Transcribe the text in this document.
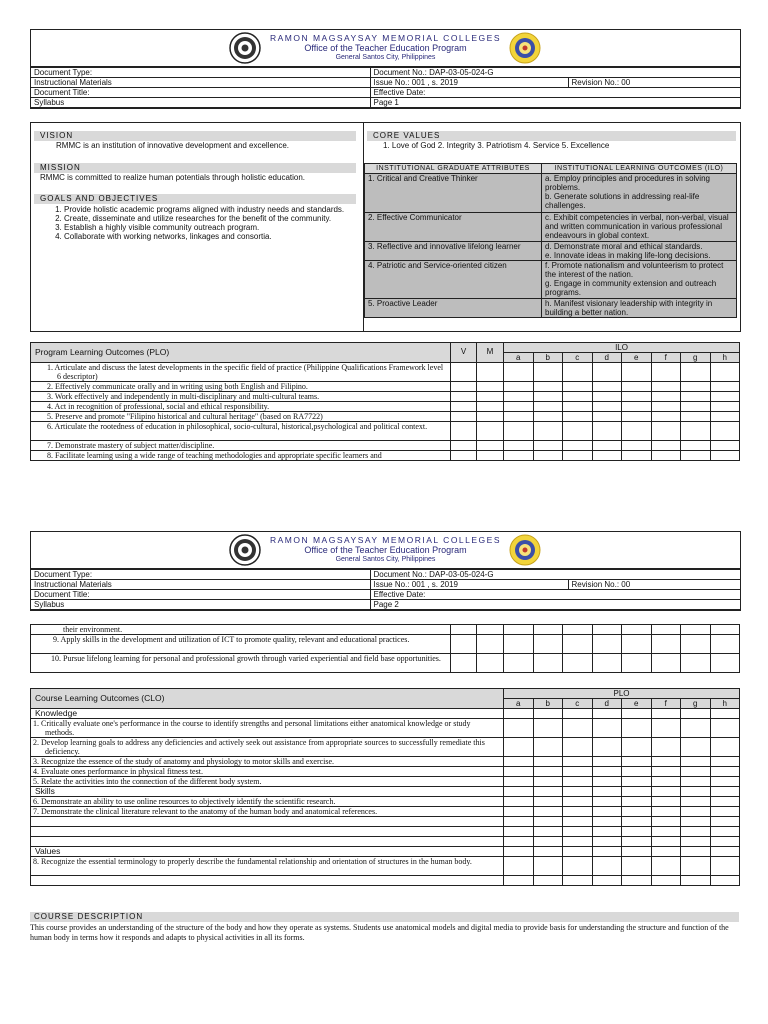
RAMON MAGSAYSAY MEMORIAL COLLEGES
Office of the Teacher Education Program
General Santos City, Philippines
Document Type:	Document No.: DAP-03-05-024-G	
Instructional Materials	Issue No.: 001 , s. 2019	Revision No.: 00
Document Title:	Effective Date:	
Syllabus	Page 1	
VISION
RMMC is an institution of innovative development and excellence.
MISSION
RMMC is committed to realize human potentials through holistic education.
GOALS AND OBJECTIVES
1. Provide holistic academic programs aligned with industry needs and standards.
2. Create, disseminate and utilize researches for the benefit of the community.
3. Establish a highly visible community outreach program.
4. Collaborate with working networks, linkages and consortia.
CORE VALUES
1. Love of God 2. Integrity 3. Patriotism 4. Service 5. Excellence
INSTITUTIONAL GRADUATE ATTRIBUTES	INSTITUTIONAL LEARNING OUTCOMES (ILO)
1. Critical and Creative Thinker	a. Employ principles and procedures in solving problems.
b. Generate solutions in addressing real-life challenges.
2. Effective Communicator	c. Exhibit competencies in verbal, non-verbal, visual and written communication in various professional endeavours in global context.
3. Reflective and innovative lifelong learner	d. Demonstrate moral and ethical standards.
e. Innovate ideas in making life-long decisions.
4. Patriotic and Service-oriented citizen	f. Promote nationalism and volunteerism to protect the interest of the nation.
g. Engage in community extension and outreach programs.
5. Proactive Leader	h. Manifest visionary leadership with integrity in building a better nation.
Program Learning Outcomes (PLO)	V	M	ILO							
			a	b	c	d	e	f	g	h
1. Articulate and discuss the latest developments in the specific field of practice (Philippine Qualifications Framework level 6 descriptor)										
2. Effectively communicate orally and in writing using both English and Filipino.										
3. Work effectively and independently in multi-disciplinary and multi-cultural teams.										
4. Act in recognition of professional, social and ethical responsibility.										
5. Preserve and promote "Filipino historical and cultural heritage" (based on RA7722)										
6. Articulate the rootedness of education in philosophical, socio-cultural, historical,psychological and political context.										
7. Demonstrate mastery of subject matter/discipline.										
8. Facilitate learning using a wide range of teaching methodologies and appropriate specific learners and										
RAMON MAGSAYSAY MEMORIAL COLLEGES
Office of the Teacher Education Program
General Santos City, Philippines
Document Type:	Document No.: DAP-03-05-024-G	
Instructional Materials	Issue No.: 001 , s. 2019	Revision No.: 00
Document Title:	Effective Date:	
Syllabus	Page 2	
their environment.										
9. Apply skills in the development and utilization of ICT to promote quality, relevant and educational practices.										
10. Pursue lifelong learning for personal and professional growth through varied experiential and field base opportunities.										
Course Learning Outcomes (CLO)	PLO							
	a	b	c	d	e	f	g	h
Knowledge								
1. Critically evaluate one's performance in the course to identify strengths and personal limitations either anatomical knowledge or study methods.								
2. Develop learning goals to address any deficiencies and actively seek out assistance from appropriate sources to successfully remediate this deficiency.								
3. Recognize the essence of the study of anatomy and physiology to motor skills and exercise.								
4. Evaluate ones performance in physical fitness test.								
5. Relate the activities into the connection of the different body system.								
Skills								
6. Demonstrate an ability to use online resources to objectively identify the scientific research.								
7. Demonstrate the clinical literature relevant to the anatomy of the human body and anatomical references.								

Values								
8. Recognize the essential terminology to properly describe the fundamental relationship and orientation of structures in the human body.								

COURSE DESCRIPTION
This course provides an understanding of the structure of the body and how they operate as systems. Students use anatomical models and digital media to provide basis for understanding the structure and function of the human body in terms how it responds and adapts to physical activities in all its forms.
